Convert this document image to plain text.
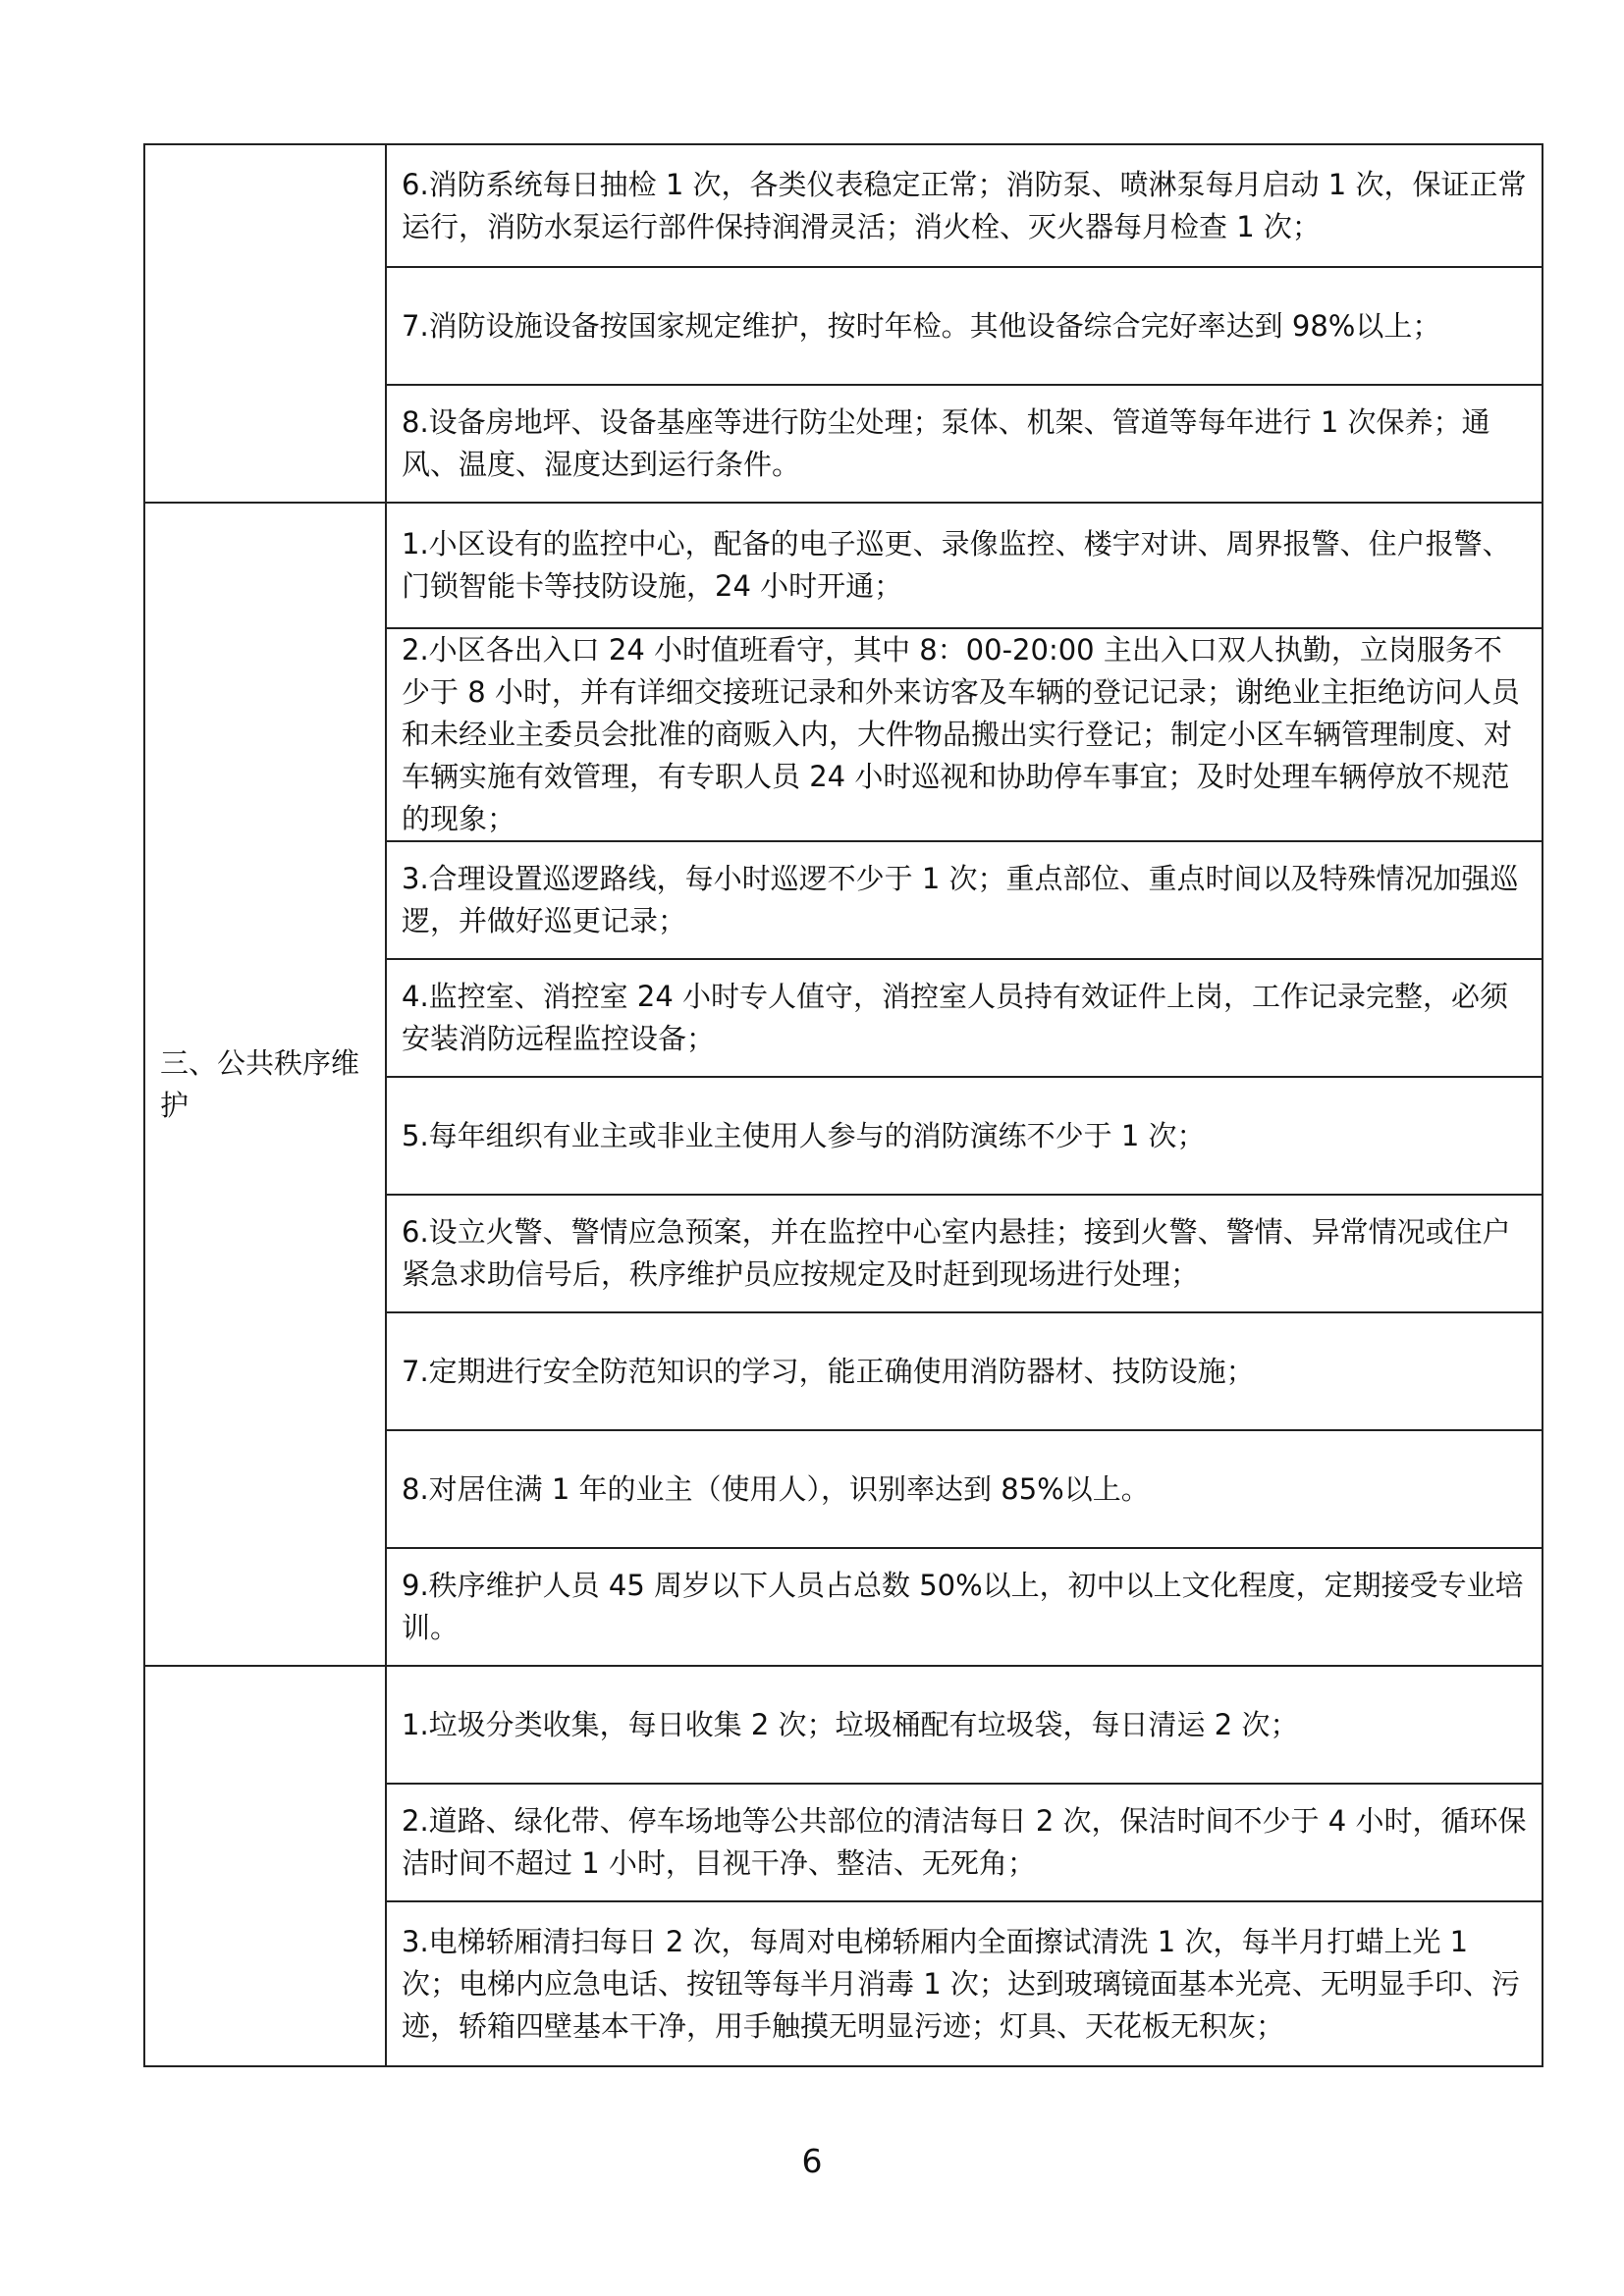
	6.消防系统每日抽检 1 次，各类仪表稳定正常；消防泵、喷淋泵每月启动 1 次，保证正常运行，消防水泵运行部件保持润滑灵活；消火栓、灭火器每月检查 1 次；
	7.消防设施设备按国家规定维护，按时年检。其他设备综合完好率达到 98%以上；
	8.设备房地坪、设备基座等进行防尘处理；泵体、机架、管道等每年进行 1 次保养；通风、温度、湿度达到运行条件。
三、公共秩序维护	1.小区设有的监控中心，配备的电子巡更、录像监控、楼宇对讲、周界报警、住户报警、门锁智能卡等技防设施，24 小时开通；
	2.小区各出入口 24 小时值班看守，其中 8：00-20:00 主出入口双人执勤，立岗服务不少于 8 小时，并有详细交接班记录和外来访客及车辆的登记记录；谢绝业主拒绝访问人员和未经业主委员会批准的商贩入内，大件物品搬出实行登记；制定小区车辆管理制度、对车辆实施有效管理，有专职人员 24 小时巡视和协助停车事宜；及时处理车辆停放不规范的现象；
	3.合理设置巡逻路线，每小时巡逻不少于 1 次；重点部位、重点时间以及特殊情况加强巡逻，并做好巡更记录；
	4.监控室、消控室 24 小时专人值守，消控室人员持有效证件上岗，工作记录完整，必须安装消防远程监控设备；
	5.每年组织有业主或非业主使用人参与的消防演练不少于 1 次；
	6.设立火警、警情应急预案，并在监控中心室内悬挂；接到火警、警情、异常情况或住户紧急求助信号后，秩序维护员应按规定及时赶到现场进行处理；
	7.定期进行安全防范知识的学习，能正确使用消防器材、技防设施；
	8.对居住满 1 年的业主（使用人），识别率达到 85%以上。
	9.秩序维护人员 45 周岁以下人员占总数 50%以上，初中以上文化程度，定期接受专业培训。
	1.垃圾分类收集，每日收集 2 次；垃圾桶配有垃圾袋，每日清运 2 次；
	2.道路、绿化带、停车场地等公共部位的清洁每日 2 次，保洁时间不少于 4 小时，循环保洁时间不超过 1 小时，目视干净、整洁、无死角；
	3.电梯轿厢清扫每日 2 次，每周对电梯轿厢内全面擦试清洗 1 次，每半月打蜡上光 1 次；电梯内应急电话、按钮等每半月消毒 1 次；达到玻璃镜面基本光亮、无明显手印、污迹，轿箱四壁基本干净，用手触摸无明显污迹；灯具、天花板无积灰；
6
